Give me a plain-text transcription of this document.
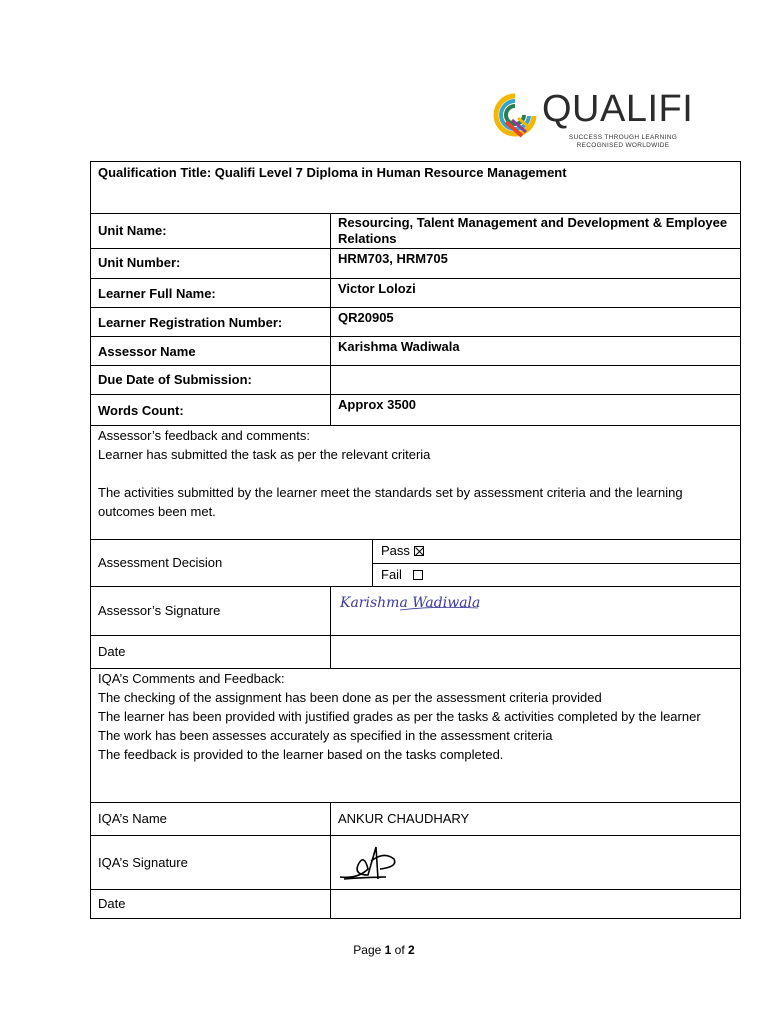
QUALIFI
SUCCESS THROUGH LEARNING
RECOGNISED WORLDWIDE
Qualification Title: Qualifi Level 7 Diploma in Human Resource Management
Unit Name:
Resourcing, Talent Management and Development & Employee Relations
Unit Number:	HRM703, HRM705
Learner Full Name:	Victor Lolozi
Learner Registration Number:	QR20905
Assessor Name	Karishma Wadiwala
Due Date of Submission:
Words Count:	Approx 3500

Assessor’s feedback and comments:

Learner has submitted the task as per the relevant criteria

The activities submitted by the learner meet the standards set by assessment criteria and the learning outcomes been met.

Assessment Decision
Pass
Fail
Assessor’s Signature	Karishma Wadiwala
Date

IQA’s Comments and Feedback:

The checking of the assignment has been done as per the assessment criteria provided

The learner has been provided with justified grades as per the tasks & activities completed by the learner

The work has been assesses accurately as specified in the assessment criteria

The feedback is provided to the learner based on the tasks completed.

IQA’s Name	ANKUR CHAUDHARY
IQA’s Signature
Date
Page 1 of 2
